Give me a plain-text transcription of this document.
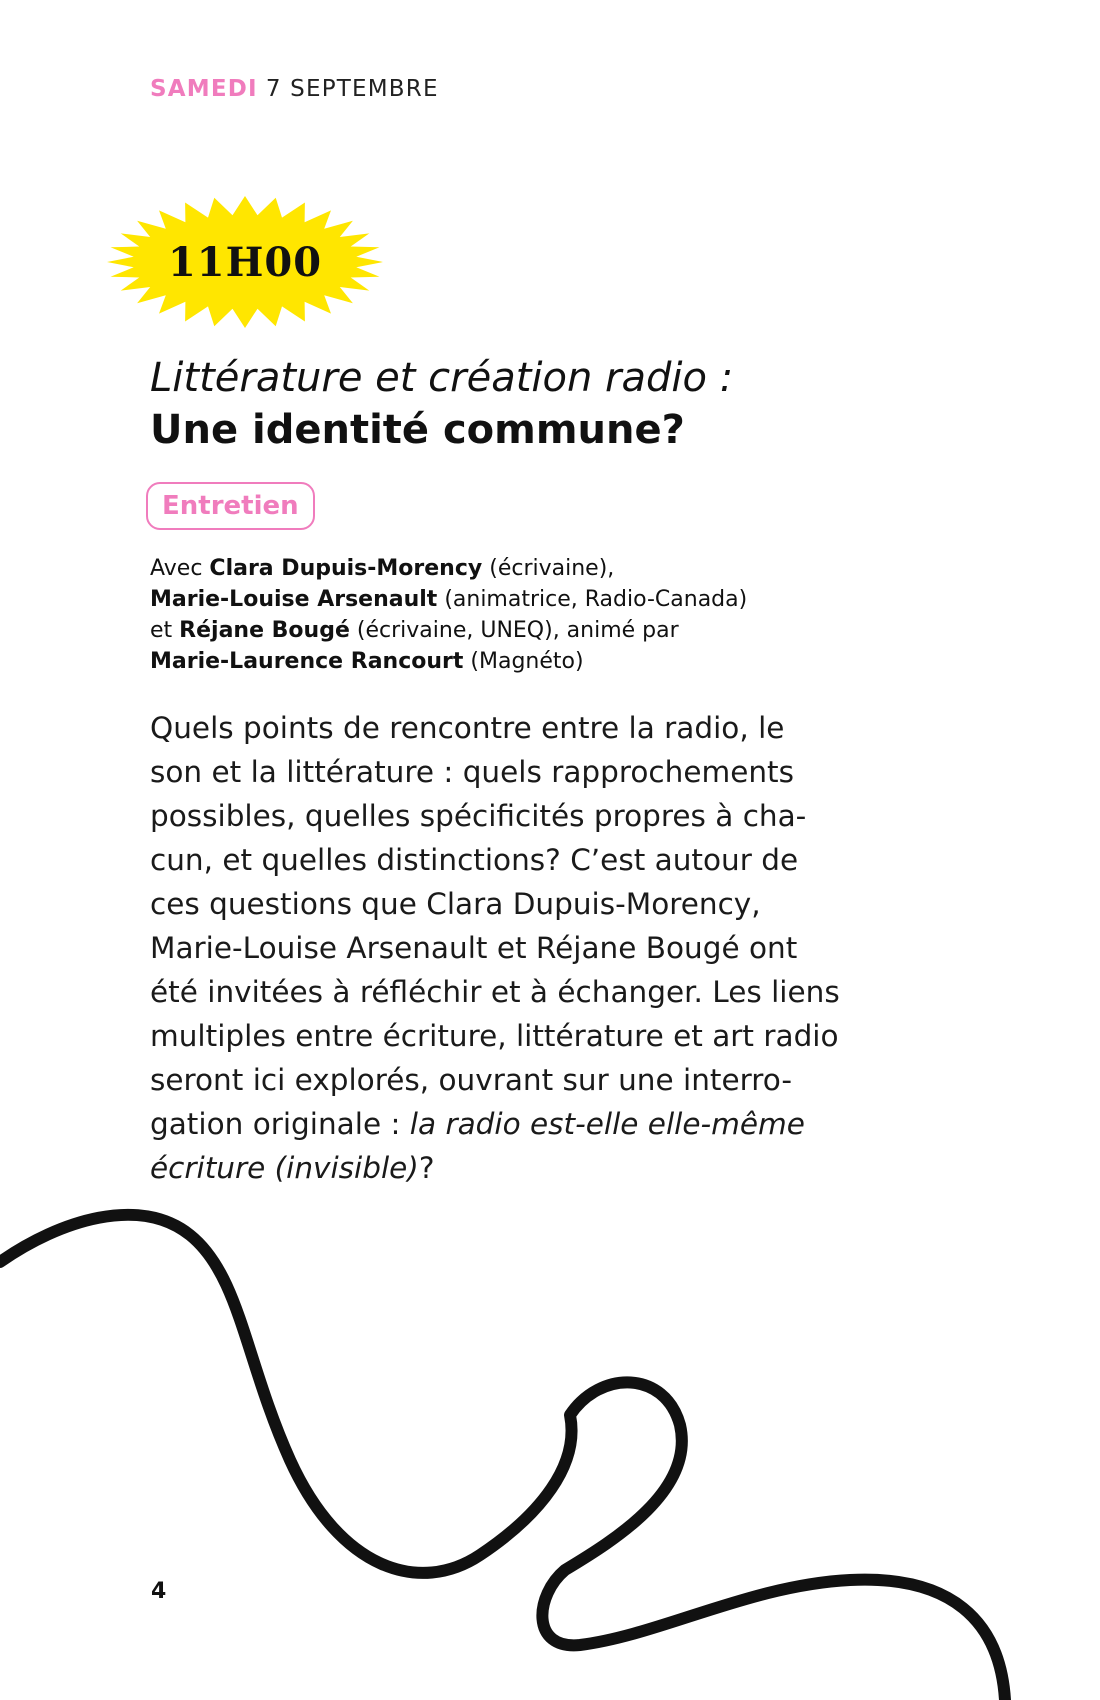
SAMEDI 7 SEPTEMBRE
11H00
Littérature et création radio :
Une identité commune?
Entretien
Avec Clara Dupuis-Morency (écrivaine),
Marie-Louise Arsenault (animatrice, Radio-Canada)
et Réjane Bougé (écrivaine, UNEQ), animé par
Marie-Laurence Rancourt (Magnéto)
Quels points de rencontre entre la radio, le
son et la littérature : quels rapprochements
possibles, quelles spécificités propres à cha-
cun, et quelles distinctions? C’est autour de
ces questions que Clara Dupuis-Morency,
Marie-Louise Arsenault et Réjane Bougé ont
été invitées à réfléchir et à échanger. Les liens
multiples entre écriture, littérature et art radio
seront ici explorés, ouvrant sur une interro-
gation originale : la radio est-elle elle-même
écriture (invisible)?
4
